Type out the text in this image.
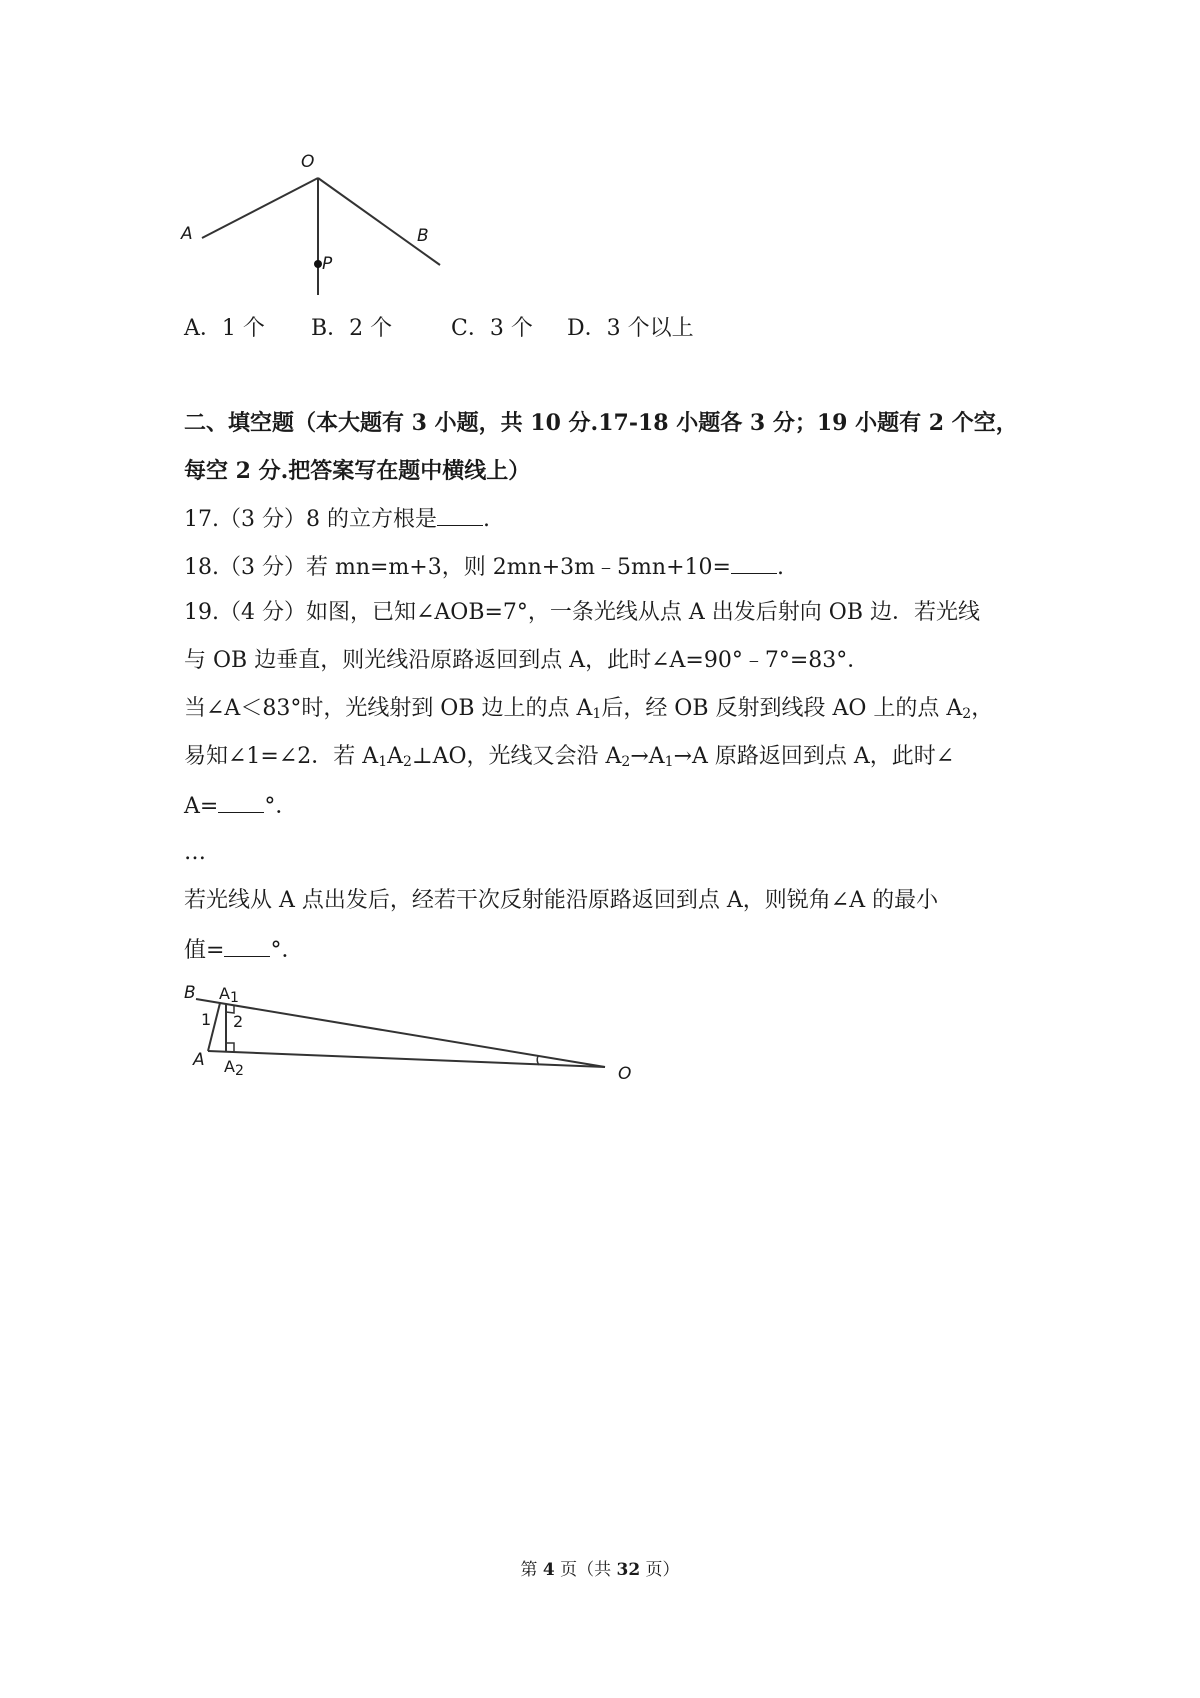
O
A	B
P
A．1 个 B．2 个	C．3 个 D．3 个以上
二、填空题（本大题有 3 小题，共 10 分.17-18 小题各 3 分；19 小题有 2 个空，
每空 2 分.把答案写在题中横线上）
17.（3 分）8 的立方根是 .
18.（3 分）若 mn=m+3，则 2mn+3m﹣5mn+10= .
19.（4 分）如图，已知∠AOB=7°，一条光线从点 A 出发后射向 OB 边．若光线
与 OB 边垂直，则光线沿原路返回到点 A，此时∠A=90°﹣7°=83°．
当∠A＜83°时，光线射到 OB 边上的点 $A_1$后，经 OB 反射到线段 AO 上的点 $A_2$，
易知∠1=∠2．若 $A_1A_2\perp AO$，光线又会沿 $A_2\to A_1\to A$ 原路返回到点 A，此时∠
A= °．
…
若光线从 A 点出发后，经若干次反射能沿原路返回到点 A，则锐角∠A 的最小
值= °．
B $A_1$
1 2
A $A_2$	O
第 4 页（共 32 页）
